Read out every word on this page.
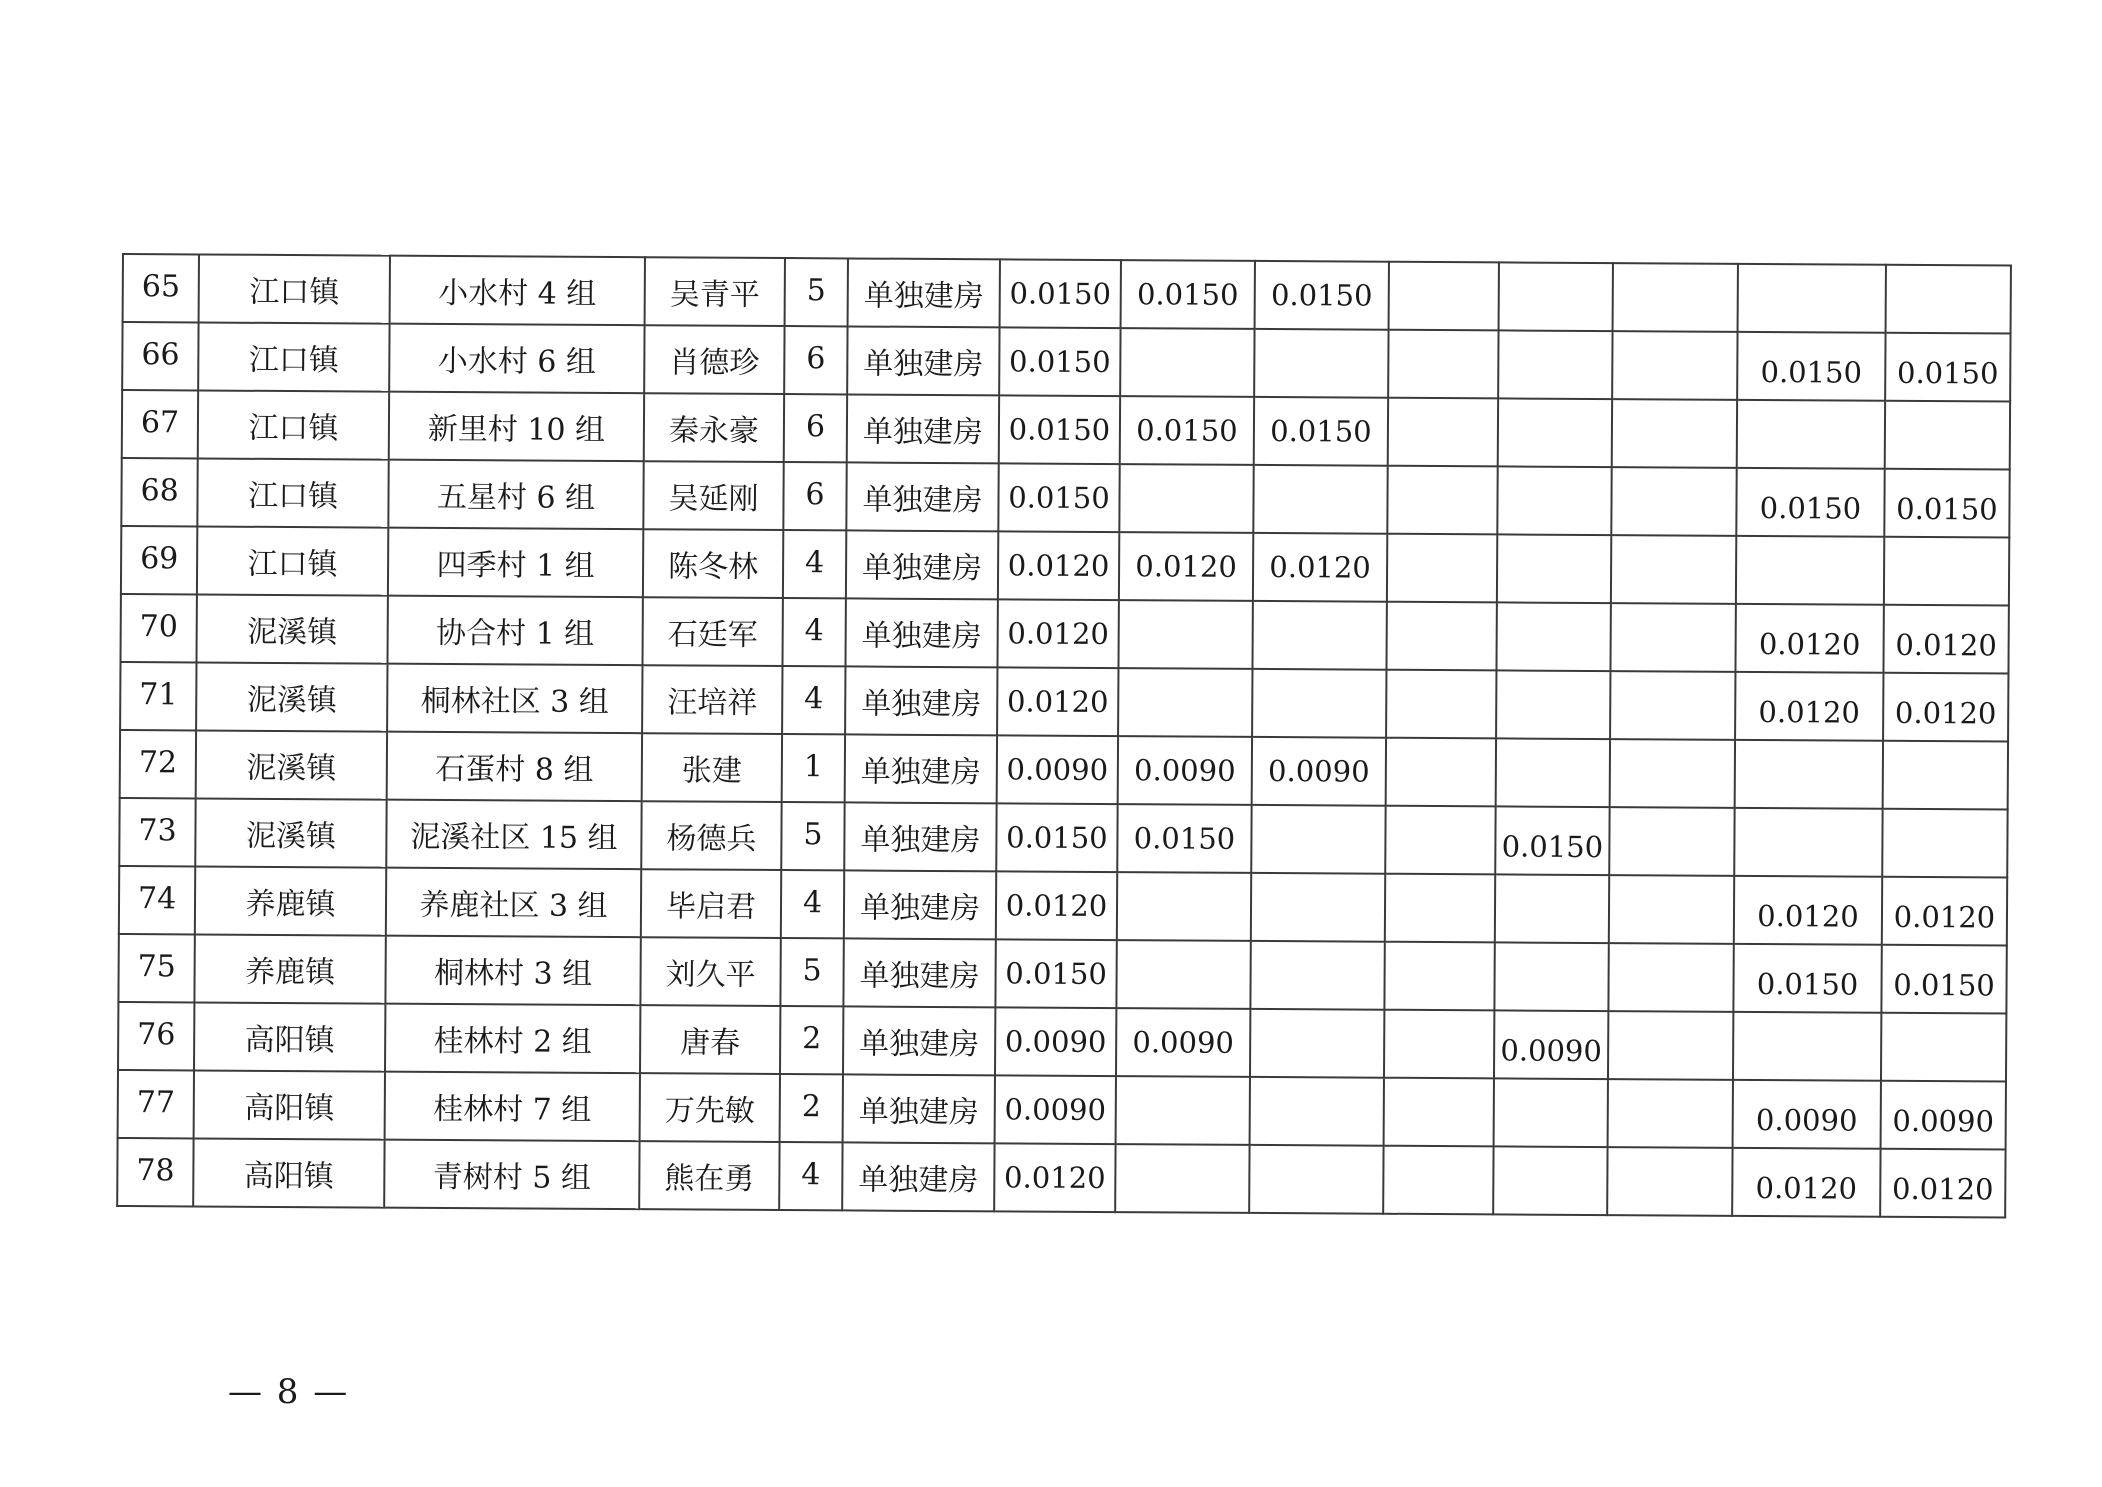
65	江口镇	小水村 4 组	吴青平	5	单独建房	0.0150	0.0150	0.0150					
66	江口镇	小水村 6 组	肖德珍	6	单独建房	0.0150						0.0150	0.0150
67	江口镇	新里村 10 组	秦永豪	6	单独建房	0.0150	0.0150	0.0150					
68	江口镇	五星村 6 组	吴延刚	6	单独建房	0.0150						0.0150	0.0150
69	江口镇	四季村 1 组	陈冬林	4	单独建房	0.0120	0.0120	0.0120					
70	泥溪镇	协合村 1 组	石廷军	4	单独建房	0.0120						0.0120	0.0120
71	泥溪镇	桐林社区 3 组	汪培祥	4	单独建房	0.0120						0.0120	0.0120
72	泥溪镇	石蛋村 8 组	张建	1	单独建房	0.0090	0.0090	0.0090					
73	泥溪镇	泥溪社区 15 组	杨德兵	5	单独建房	0.0150	0.0150			0.0150			
74	养鹿镇	养鹿社区 3 组	毕启君	4	单独建房	0.0120						0.0120	0.0120
75	养鹿镇	桐林村 3 组	刘久平	5	单独建房	0.0150						0.0150	0.0150
76	高阳镇	桂林村 2 组	唐春	2	单独建房	0.0090	0.0090			0.0090			
77	高阳镇	桂林村 7 组	万先敏	2	单独建房	0.0090						0.0090	0.0090
78	高阳镇	青树村 5 组	熊在勇	4	单独建房	0.0120						0.0120	0.0120
— 8 —
